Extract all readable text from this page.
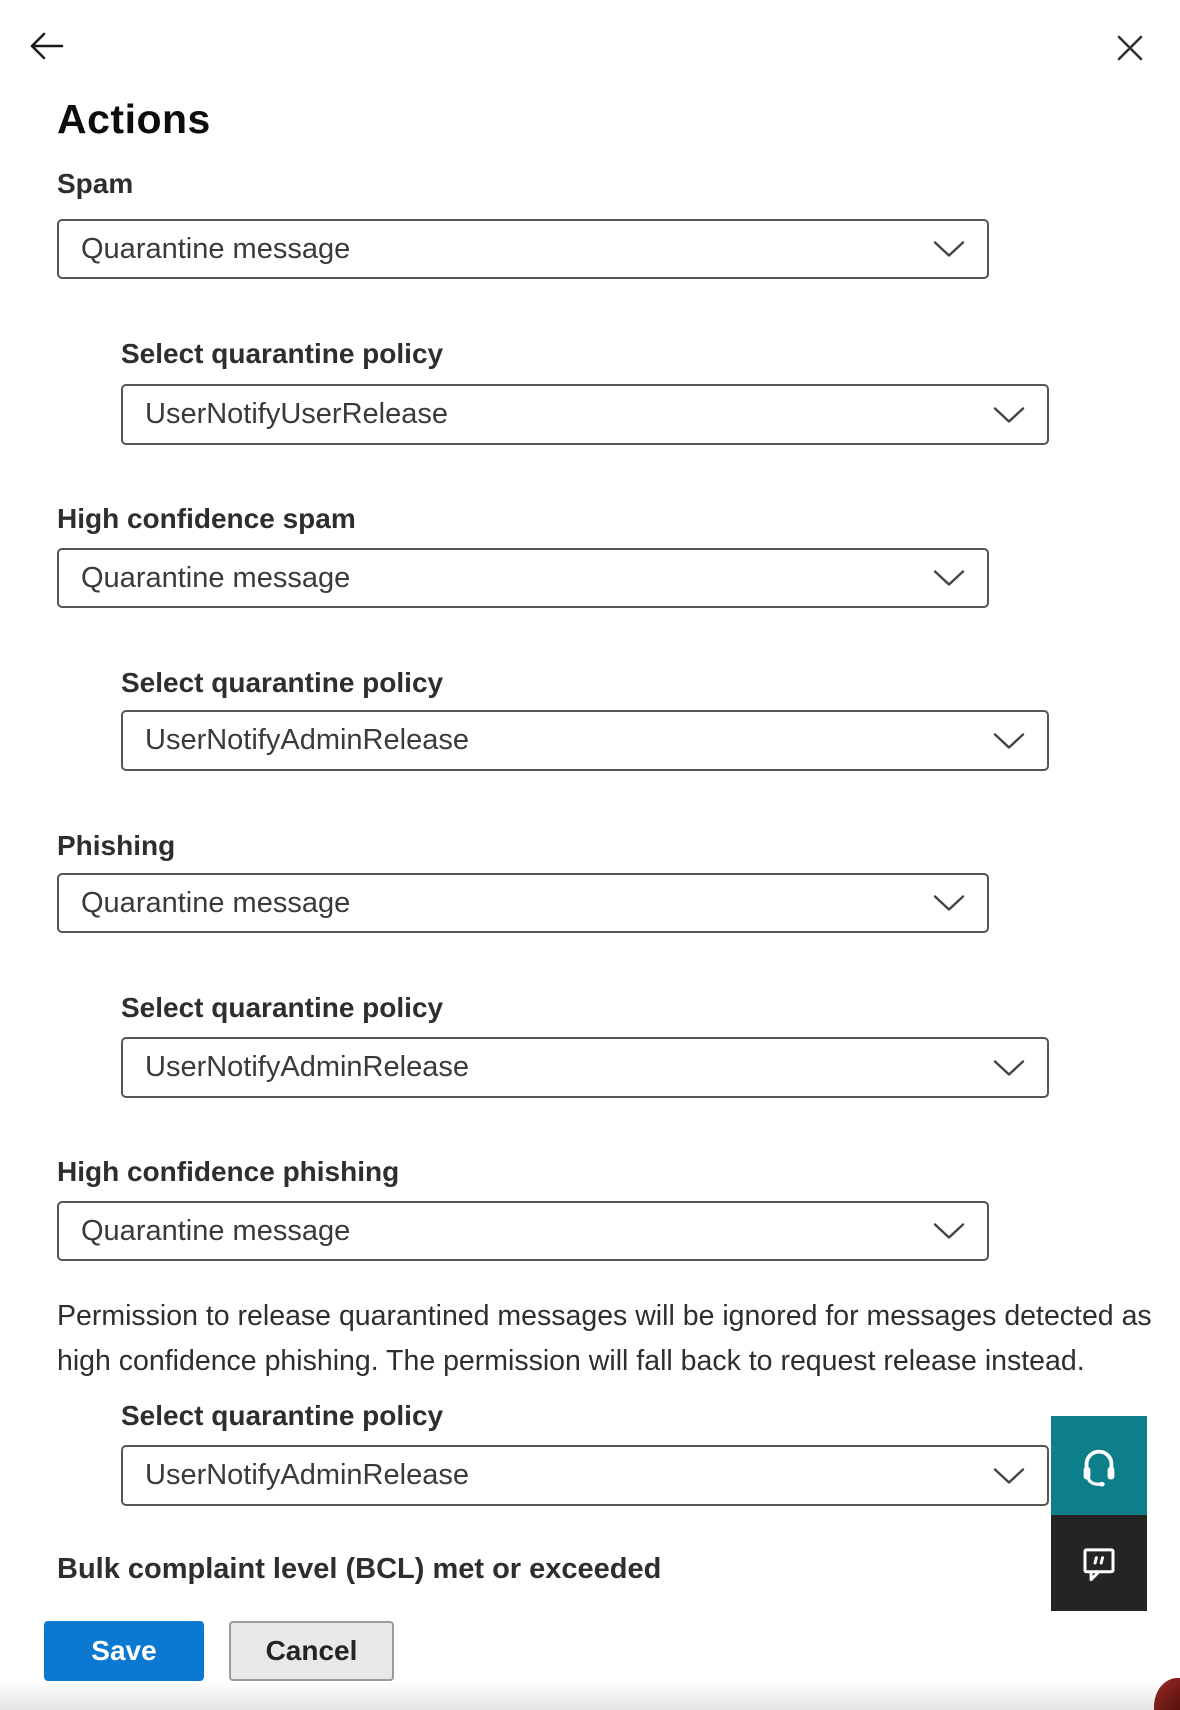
Actions
Spam
Select quarantine policy
High confidence spam
Select quarantine policy
Phishing
Select quarantine policy
High confidence phishing
Select quarantine policy
Quarantine message
UserNotifyUserRelease
Quarantine message
UserNotifyAdminRelease
Quarantine message
UserNotifyAdminRelease
Quarantine message
UserNotifyAdminRelease
Permission to release quarantined messages will be ignored for messages detected as
high confidence phishing. The permission will fall back to request release instead.
Bulk complaint level (BCL) met or exceeded
Save	Cancel
